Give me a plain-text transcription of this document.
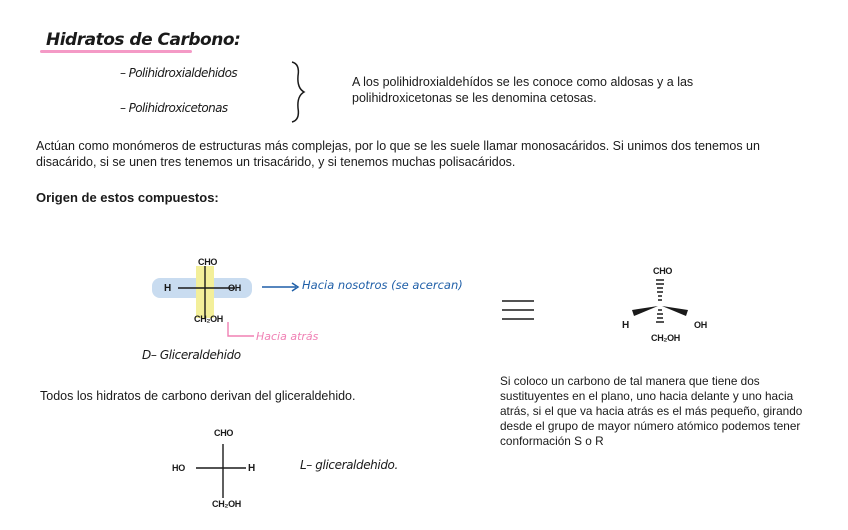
Hidratos de Carbono:
– Polihidroxialdehidos
– Polihidroxicetonas
A los polihidroxialdehídos se les conoce como aldosas y a las polihidroxicetonas se les denomina cetosas.
Actúan como monómeros de estructuras más complejas, por lo que se les suele llamar monosacáridos. Si unimos dos tenemos un disacárido, si se unen tres tenemos un trisacárido, y si tenemos muchas polisacáridos.
Origen de estos compuestos:
CHO
H	OH
CH₂OH
Hacia nosotros (se acercan)
Hacia atrás
D– Gliceraldehido
CHO
H	OH
CH₂OH
Todos los hidratos de carbono derivan del gliceraldehido.
Si coloco un carbono de tal manera que tiene dos sustituyentes en el plano, uno hacia delante y uno hacia atrás, si el que va hacia atrás es el más pequeño, girando desde el grupo de mayor número atómico podemos tener conformación S o R
CHO
HO	H
CH₂OH
L– gliceraldehido.
